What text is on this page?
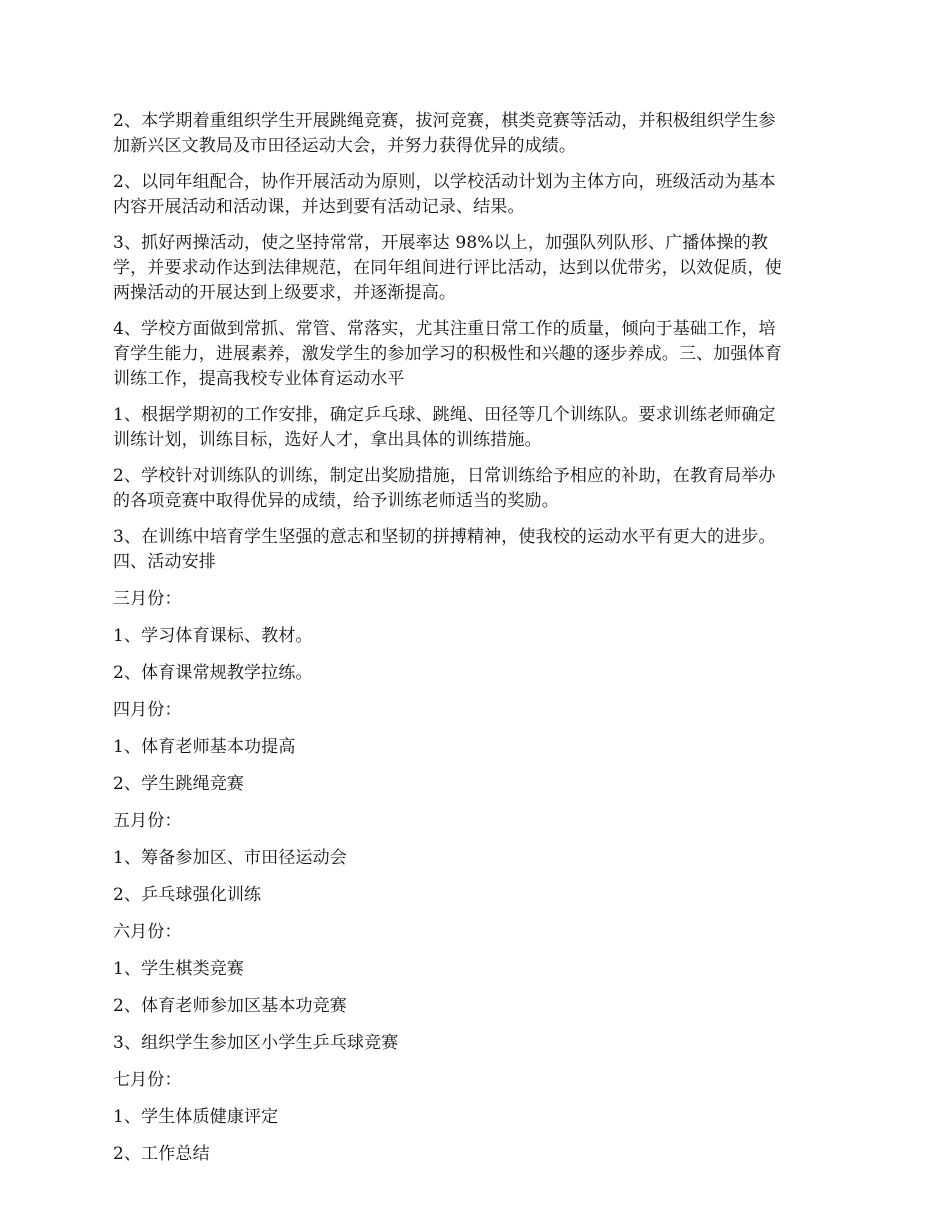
2、本学期着重组织学生开展跳绳竞赛，拔河竞赛，棋类竞赛等活动，并积极组织学生参
加新兴区文教局及市田径运动大会，并努力获得优异的成绩。

2、以同年组配合，协作开展活动为原则，以学校活动计划为主体方向，班级活动为基本
内容开展活动和活动课，并达到要有活动记录、结果。

3、抓好两操活动，使之坚持常常，开展率达 98%以上，加强队列队形、广播体操的教
学，并要求动作达到法律规范，在同年组间进行评比活动，达到以优带劣，以效促质，使
两操活动的开展达到上级要求，并逐渐提高。

4、学校方面做到常抓、常管、常落实，尤其注重日常工作的质量，倾向于基础工作，培
育学生能力，进展素养，激发学生的参加学习的积极性和兴趣的逐步养成。三、加强体育
训练工作，提高我校专业体育运动水平

1、根据学期初的工作安排，确定乒乓球、跳绳、田径等几个训练队。要求训练老师确定
训练计划，训练目标，选好人才，拿出具体的训练措施。

2、学校针对训练队的训练，制定出奖励措施，日常训练给予相应的补助，在教育局举办
的各项竞赛中取得优异的成绩，给予训练老师适当的奖励。

3、在训练中培育学生坚强的意志和坚韧的拼搏精神，使我校的运动水平有更大的进步。
四、活动安排

三月份：

1、学习体育课标、教材。

2、体育课常规教学拉练。

四月份：

1、体育老师基本功提高

2、学生跳绳竞赛

五月份：

1、筹备参加区、市田径运动会

2、乒乓球强化训练

六月份：

1、学生棋类竞赛

2、体育老师参加区基本功竞赛

3、组织学生参加区小学生乒乓球竞赛

七月份：

1、学生体质健康评定

2、工作总结
